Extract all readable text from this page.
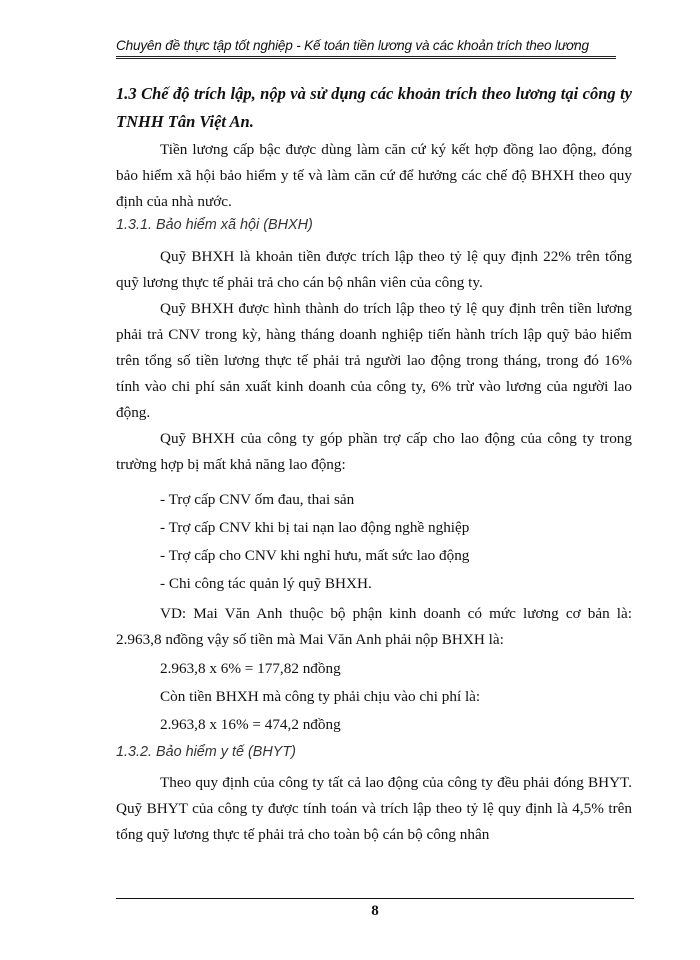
Chuyên đề thực tập tốt nghiệp - Kế toán tiền lương và các khoản trích theo lương
1.3 Chế độ trích lập, nộp và sử dụng các khoản trích theo lương tại công ty TNHH Tân Việt An.
Tiền lương cấp bậc được dùng làm căn cứ ký kết hợp đồng lao động, đóng bảo hiểm xã hội bảo hiểm y tế và làm căn cứ để hưởng các chế độ BHXH theo quy định của nhà nước.
1.3.1. Bảo hiểm xã hội (BHXH)
Quỹ BHXH là khoản tiền được trích lập theo tỷ lệ quy định 22% trên tổng quỹ lương thực tế phải trả cho cán bộ nhân viên của công ty.
Quỹ BHXH được hình thành do trích lập theo tỷ lệ quy định trên tiền lương phải trả CNV trong kỳ, hàng tháng doanh nghiệp tiến hành trích lập quỹ bảo hiểm trên tổng số tiền lương thực tế phải trả người lao động trong tháng, trong đó 16% tính vào chi phí sản xuất kinh doanh của công ty, 6% trừ vào lương của người lao động.
Quỹ BHXH của công ty góp phần trợ cấp cho lao động của công ty trong trường hợp bị mất khả năng lao động:
- Trợ cấp CNV ốm đau, thai sản
- Trợ cấp CNV khi bị tai nạn lao động nghề nghiệp
- Trợ cấp cho CNV khi nghỉ hưu, mất sức lao động
- Chi công tác quản lý quỹ BHXH.
VD: Mai Văn Anh thuộc bộ phận kinh doanh có mức lương cơ bản là: 2.963,8 nđồng vậy số tiền mà Mai Văn Anh phải nộp BHXH là:
2.963,8 x 6% = 177,82 nđồng
Còn tiền BHXH mà công ty phải chịu vào chi phí là:
2.963,8 x 16% = 474,2 nđồng
1.3.2. Bảo hiểm y tế (BHYT)
Theo quy định của công ty tất cả lao động của công ty đều phải đóng BHYT. Quỹ BHYT của công ty được tính toán và trích lập theo tỷ lệ quy định là 4,5% trên tổng quỹ lương thực tế phải trả cho toàn bộ cán bộ công nhân
8
